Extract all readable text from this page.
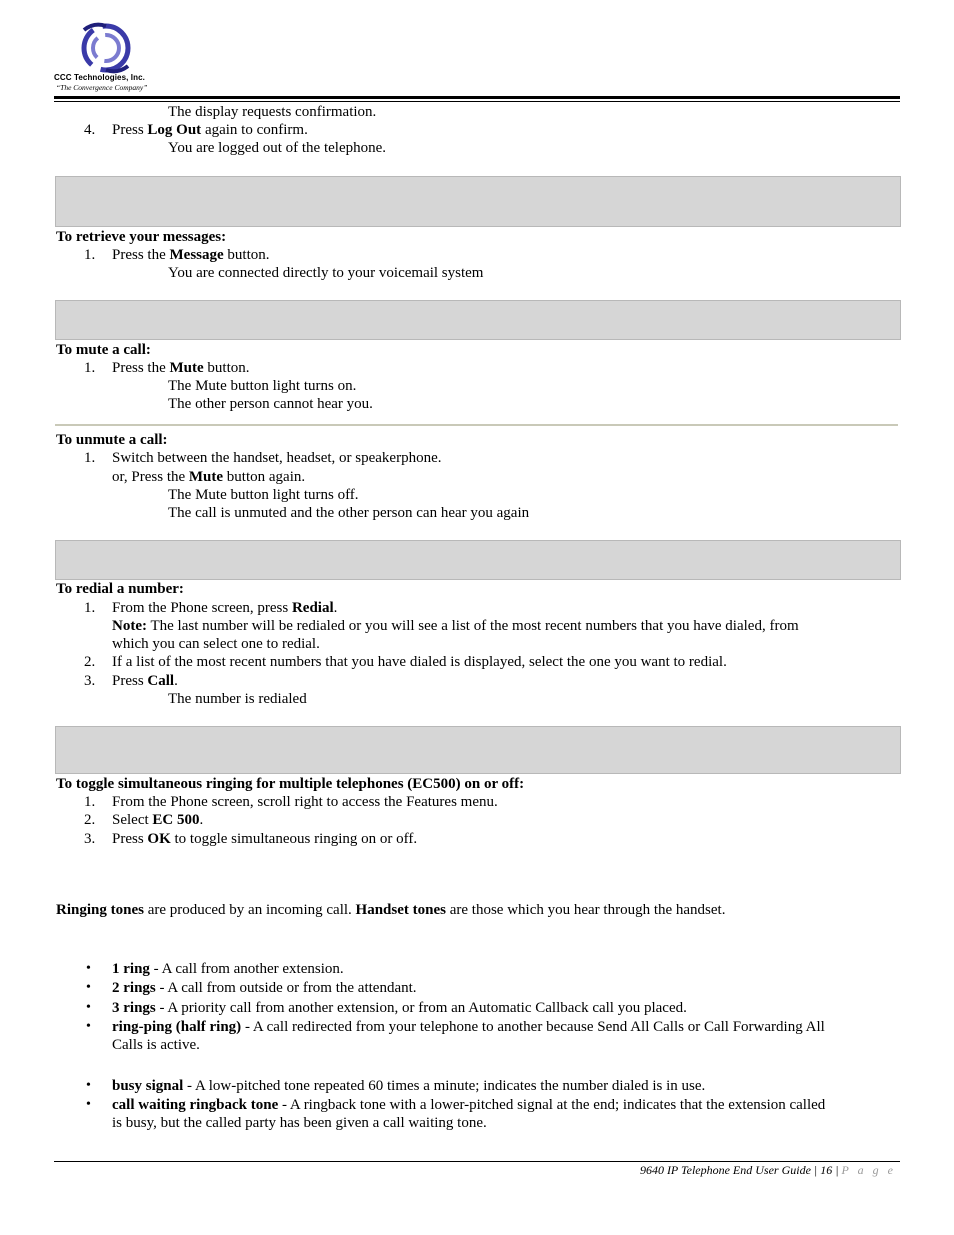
CCC Technologies, Inc.
“The Convergence Company”
The display requests confirmation.
4. Press Log Out again to confirm.
You are logged out of the telephone.
To retrieve your messages:
1. Press the Message button.
You are connected directly to your voicemail system
To mute a call:
1. Press the Mute button.
The Mute button light turns on.
The other person cannot hear you.
To unmute a call:
1. Switch between the handset, headset, or speakerphone.
or, Press the Mute button again.
The Mute button light turns off.
The call is unmuted and the other person can hear you again
To redial a number:
1. From the Phone screen, press Redial.
Note: The last number will be redialed or you will see a list of the most recent numbers that you have dialed, from
which you can select one to redial.
2. If a list of the most recent numbers that you have dialed is displayed, select the one you want to redial.
3. Press Call.
The number is redialed
To toggle simultaneous ringing for multiple telephones (EC500) on or off:
1. From the Phone screen, scroll right to access the Features menu.
2. Select EC 500.
3. Press OK to toggle simultaneous ringing on or off.
Ringing tones are produced by an incoming call. Handset tones are those which you hear through the handset.
• 1 ring - A call from another extension.
• 2 rings - A call from outside or from the attendant.
• 3 rings - A priority call from another extension, or from an Automatic Callback call you placed.
• ring-ping (half ring) - A call redirected from your telephone to another because Send All Calls or Call Forwarding All
Calls is active.
• busy signal - A low-pitched tone repeated 60 times a minute; indicates the number dialed is in use.
• call waiting ringback tone - A ringback tone with a lower-pitched signal at the end; indicates that the extension called
is busy, but the called party has been given a call waiting tone.
9640 IP Telephone End User Guide | 16 | P a g e
